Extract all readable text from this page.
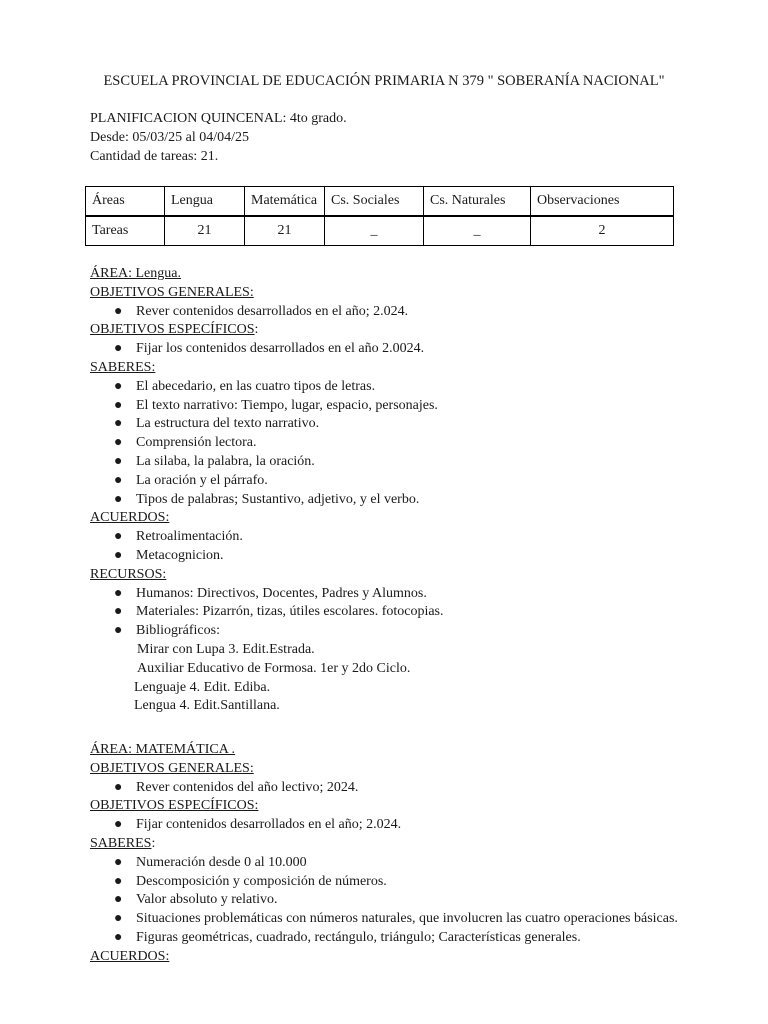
ESCUELA PROVINCIAL DE EDUCACIÓN PRIMARIA N 379 " SOBERANÍA NACIONAL"
PLANIFICACION QUINCENAL: 4to grado.
Desde: 05/03/25 al 04/04/25
Cantidad de tareas: 21.
Áreas	Lengua	Matemática	Cs. Sociales	Cs. Naturales	Observaciones
Tareas	21	21	_	_	2
ÁREA: Lengua.
OBJETIVOS GENERALES:
● Rever contenidos desarrollados en el año; 2.024.
OBJETIVOS ESPECÍFICOS:
● Fijar los contenidos desarrollados en el año 2.0024.
SABERES:
● El abecedario, en las cuatro tipos de letras.
● El texto narrativo: Tiempo, lugar, espacio, personajes.
● La estructura del texto narrativo.
● Comprensión lectora.
● La silaba, la palabra, la oración.
● La oración y el párrafo.
● Tipos de palabras; Sustantivo, adjetivo, y el verbo.
ACUERDOS:
● Retroalimentación.
● Metacognicion.
RECURSOS:
● Humanos: Directivos, Docentes, Padres y Alumnos.
● Materiales: Pizarrón, tizas, útiles escolares. fotocopias.
● Bibliográficos:
Mirar con Lupa 3. Edit.Estrada.
Auxiliar Educativo de Formosa. 1er y 2do Ciclo.
Lenguaje 4. Edit. Ediba.
Lengua 4. Edit.Santillana.
ÁREA: MATEMÁTICA .
OBJETIVOS GENERALES:
● Rever contenidos del año lectivo; 2024.
OBJETIVOS ESPECÍFICOS:
● Fijar contenidos desarrollados en el año; 2.024.
SABERES:
● Numeración desde 0 al 10.000
● Descomposición y composición de números.
● Valor absoluto y relativo.
● Situaciones problemáticas con números naturales, que involucren las cuatro operaciones básicas.
● Figuras geométricas, cuadrado, rectángulo, triángulo; Características generales.
ACUERDOS:
